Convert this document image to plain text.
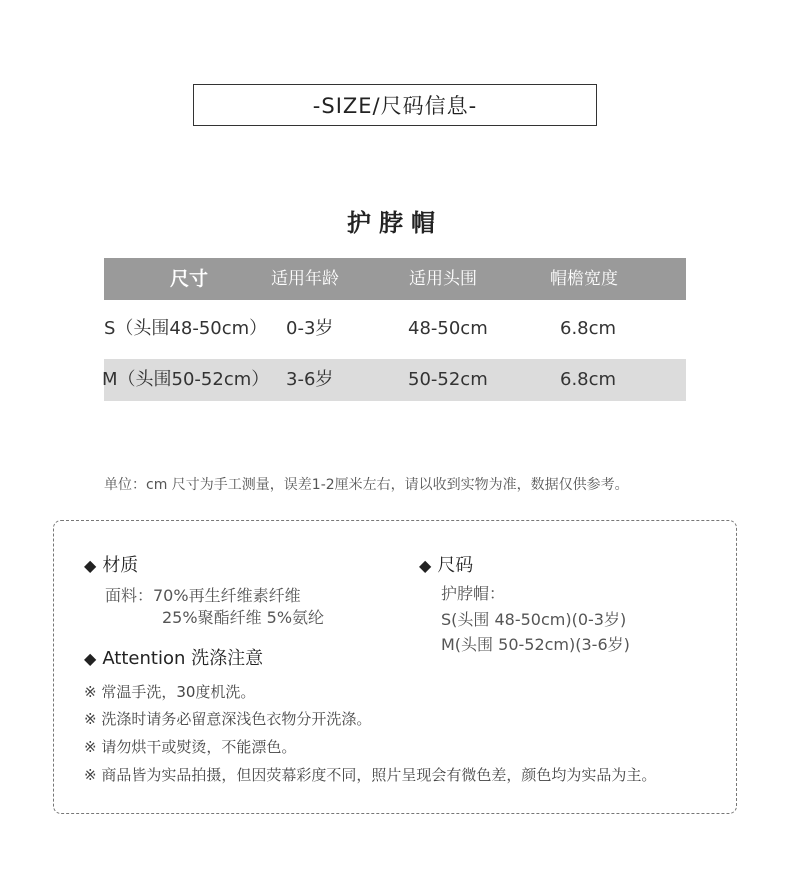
-SIZE/尺码信息-
护脖帽
尺寸	适用年龄	适用头围	帽檐宽度
S（头围48-50cm） 0-3岁	48-50cm	6.8cm
M（头围50-52cm） 3-6岁	50-52cm	6.8cm
单位：cm 尺寸为手工测量，误差1-2厘米左右，请以收到实物为准，数据仅供参考。
◆ 材质
面料：70%再生纤维素纤维
25%聚酯纤维 5%氨纶
◆ 尺码
护脖帽：
S(头围 48-50cm)(0-3岁)
M(头围 50-52cm)(3-6岁)
◆ Attention 洗涤注意
※ 常温手洗，30度机洗。
※ 洗涤时请务必留意深浅色衣物分开洗涤。
※ 请勿烘干或熨烫，不能漂色。
※ 商品皆为实品拍摄，但因荧幕彩度不同，照片呈现会有微色差，颜色均为实品为主。
